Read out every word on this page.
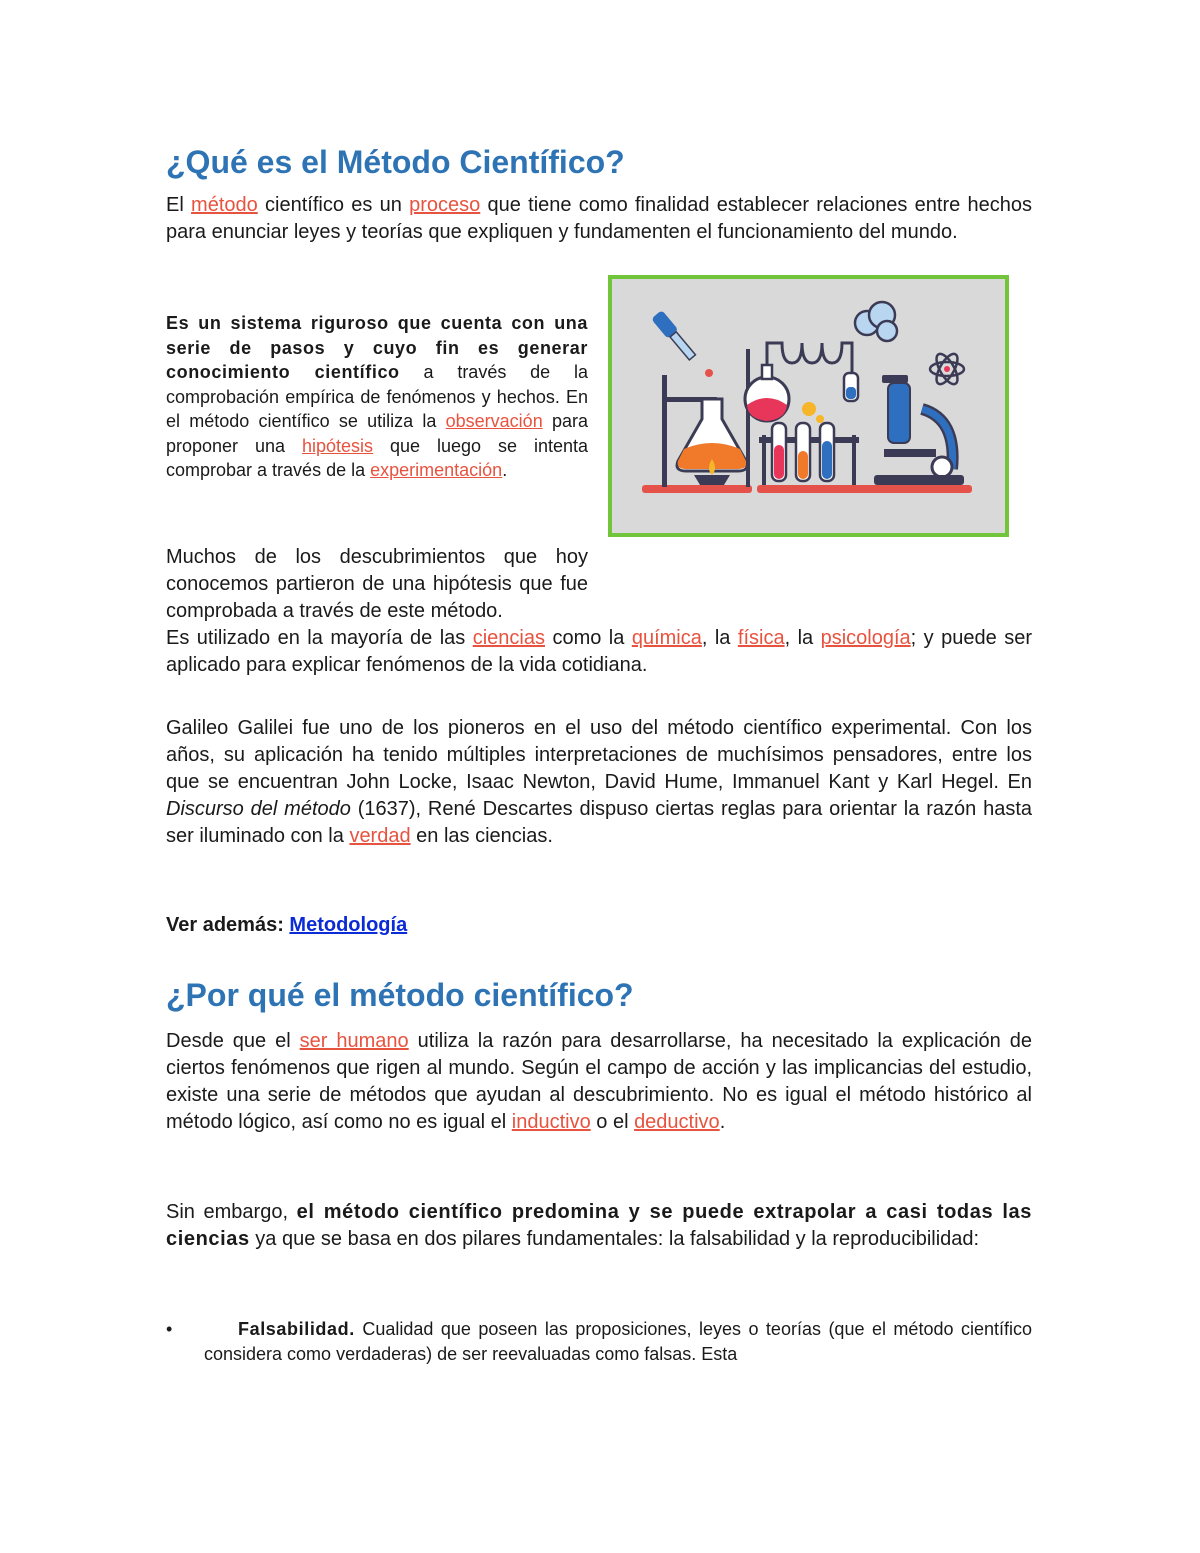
¿Qué es el Método Científico?

El método científico es un proceso que tiene como finalidad establecer relaciones entre hechos para enunciar leyes y teorías que expliquen y fundamenten el funcionamiento del mundo.

Es un sistema riguroso que cuenta con una serie de pasos y cuyo fin es generar conocimiento científico a través de la comprobación empírica de fenómenos y hechos. En el método científico se utiliza la observación para proponer una hipótesis que luego se intenta comprobar a través de la experimentación.

Muchos de los descubrimientos que hoy conocemos partieron de una hipótesis que fue comprobada a través de este método.

Es utilizado en la mayoría de las ciencias como la química, la física, la psicología; y puede ser aplicado para explicar fenómenos de la vida cotidiana.

Galileo Galilei fue uno de los pioneros en el uso del método científico experimental. Con los años, su aplicación ha tenido múltiples interpretaciones de muchísimos pensadores, entre los que se encuentran John Locke, Isaac Newton, David Hume, Immanuel Kant y Karl Hegel. En Discurso del método (1637), René Descartes dispuso ciertas reglas para orientar la razón hasta ser iluminado con la verdad en las ciencias.

Ver además: Metodología

¿Por qué el método científico?

Desde que el ser humano utiliza la razón para desarrollarse, ha necesitado la explicación de ciertos fenómenos que rigen al mundo. Según el campo de acción y las implicancias del estudio, existe una serie de métodos que ayudan al descubrimiento. No es igual el método histórico al método lógico, así como no es igual el inductivo o el deductivo.

Sin embargo, el método científico predomina y se puede extrapolar a casi todas las ciencias ya que se basa en dos pilares fundamentales: la falsabilidad y la reproducibilidad:

•	Falsabilidad. Cualidad que poseen las proposiciones, leyes o teorías (que el método científico considera como verdaderas) de ser reevaluadas como falsas. Esta
